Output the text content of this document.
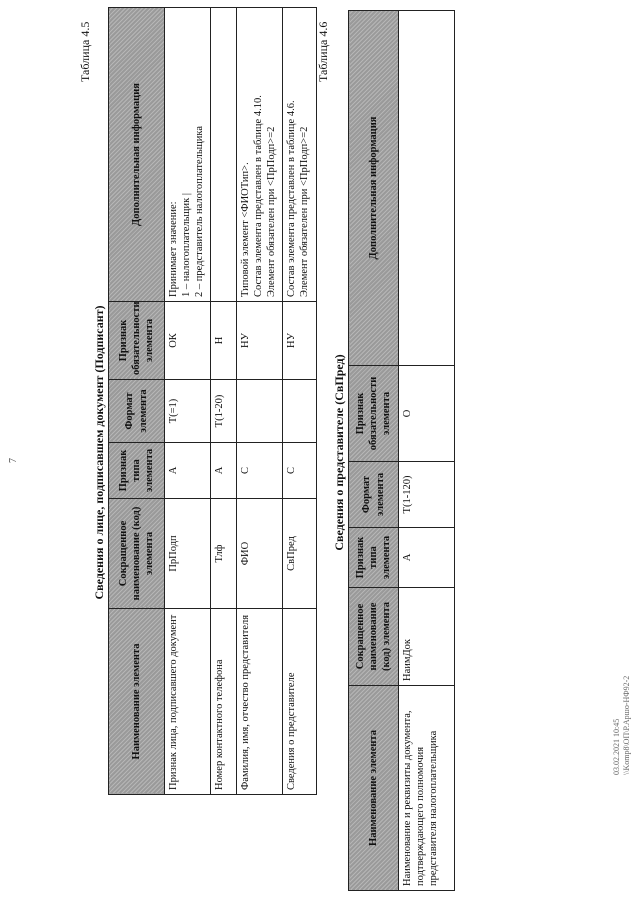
7
Таблица 4.5
Сведения о лице, подписавшем документ (Подписант)
Наименование элемента	Сокращенное наименование (код) элемента	Признак типа элемента	Формат элемента	Признак обязательности элемента	Дополнительная информация
Признак лица, подписавшего документ	ПрПодп	А	Т(=1)	ОК	Принимает значение: 1 – налогоплательщик | 2 – представитель налогоплательщика

Номер контактного телефона	Тлф	А	Т(1-20)	Н	
Фамилия, имя, отчество представителя	ФИО	С		НУ	Типовой элемент <ФИОТип>. Состав элемента представлен в таблице 4.10. Элемент обязателен при <ПрПодп>=2

Сведения о представителе	СвПред	С		НУ	Состав элемента представлен в таблице 4.6. Элемент обязателен при <ПрПодп>=2
Таблица 4.6
Сведения о представителе (СвПред)
Наименование элемента	Сокращенное наименование (код) элемента	Признак типа элемента	Формат элемента	Признак обязательности элемента	Дополнительная информация
Наименование и реквизиты документа, подтверждающего полномочия представителя налогоплательщика	НаимДок	А	Т(1-120)	О	
03.02.2021 10:45 \\Komp8\ОП\Р.Аршо-НФ92-2
